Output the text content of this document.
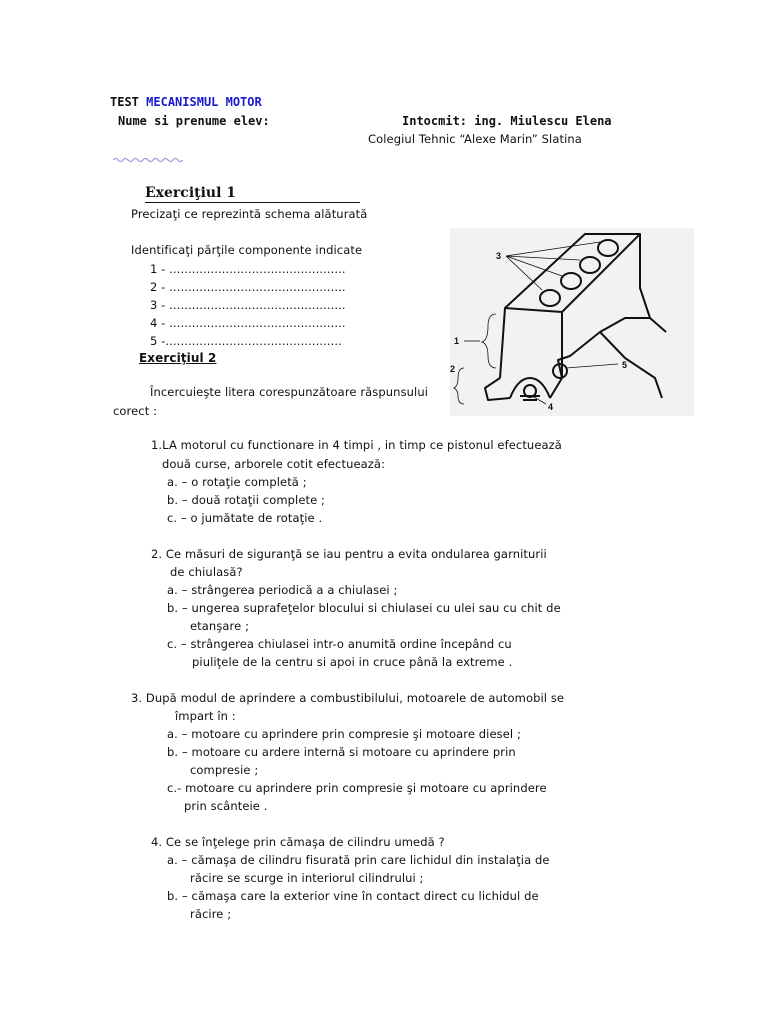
TEST MECANISMUL MOTOR
Nume si prenume elev:	Intocmit: ing. Miulescu Elena
Colegiul Tehnic “Alexe Marin” Slatina
Exerciţiul 1
Precizaţi ce reprezintă schema alăturată
Identificaţi părţile componente indicate
1 - ...............................................
2 - ...............................................
3 - ...............................................
4 - ...............................................
5 -...............................................
Exerciţiul 2
Încercuieşte litera corespunzătoare răspunsului
corect :
3
1
2	5
4
1.LA motorul cu functionare in 4 timpi , in timp ce pistonul efectuează
două curse, arborele cotit efectuează:
a. – o rotaţie completă ;
b. – două rotaţii complete ;
c. – o jumătate de rotaţie .
2. Ce măsuri de siguranţă se iau pentru a evita ondularea garniturii
de chiulasă?
a. – strângerea periodică a a chiulasei ;
b. – ungerea suprafeţelor blocului si chiulasei cu ulei sau cu chit de
etanşare ;
c. – strângerea chiulasei intr-o anumită ordine începând cu
piuliţele de la centru si apoi in cruce până la extreme .
3. După modul de aprindere a combustibilului, motoarele de automobil se
împart în :
a. – motoare cu aprindere prin compresie şi motoare diesel ;
b. – motoare cu ardere internă si motoare cu aprindere prin
compresie ;
c.- motoare cu aprindere prin compresie şi motoare cu aprindere
prin scânteie .
4. Ce se înţelege prin cămaşa de cilindru umedă ?
a. – cămaşa de cilindru fisurată prin care lichidul din instalaţia de
răcire se scurge in interiorul cilindrului ;
b. – cămaşa care la exterior vine în contact direct cu lichidul de
răcire ;
